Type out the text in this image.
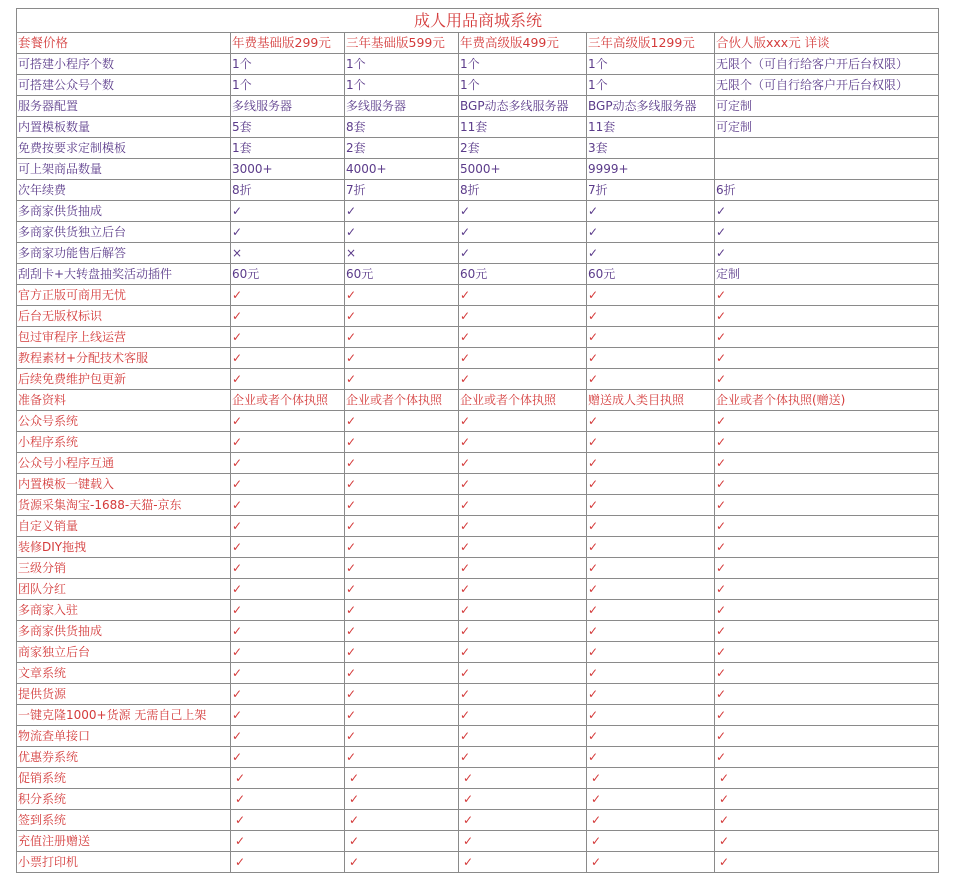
成人用品商城系统					
套餐价格	年费基础版299元	三年基础版599元	年费高级版499元	三年高级版1299元	合伙人版xxx元 详谈
可搭建小程序个数	1个	1个	1个	1个	无限个（可自行给客户开后台权限）
可搭建公众号个数	1个	1个	1个	1个	无限个（可自行给客户开后台权限）
服务器配置	多线服务器	多线服务器	BGP动态多线服务器	BGP动态多线服务器	可定制
内置模板数量	5套	8套	11套	11套	可定制
免费按要求定制模板	1套	2套	2套	3套	
可上架商品数量	3000+	4000+	5000+	9999+	
次年续费	8折	7折	8折	7折	6折
多商家供货抽成	✓	✓	✓	✓	✓
多商家供货独立后台	✓	✓	✓	✓	✓
多商家功能售后解答	×	×	✓	✓	✓
刮刮卡+大转盘抽奖活动插件	60元	60元	60元	60元	定制
官方正版可商用无忧	✓	✓	✓	✓	✓
后台无版权标识	✓	✓	✓	✓	✓
包过审程序上线运营	✓	✓	✓	✓	✓
教程素材+分配技术客服	✓	✓	✓	✓	✓
后续免费维护包更新	✓	✓	✓	✓	✓
准备资料	企业或者个体执照	企业或者个体执照	企业或者个体执照	赠送成人类目执照	企业或者个体执照(赠送)
公众号系统	✓	✓	✓	✓	✓
小程序系统	✓	✓	✓	✓	✓
公众号小程序互通	✓	✓	✓	✓	✓
内置模板一键载入	✓	✓	✓	✓	✓
货源采集淘宝-1688-天猫-京东	✓	✓	✓	✓	✓
自定义销量	✓	✓	✓	✓	✓
装修DIY拖拽	✓	✓	✓	✓	✓
三级分销	✓	✓	✓	✓	✓
团队分红	✓	✓	✓	✓	✓
多商家入驻	✓	✓	✓	✓	✓
多商家供货抽成	✓	✓	✓	✓	✓
商家独立后台	✓	✓	✓	✓	✓
文章系统	✓	✓	✓	✓	✓
提供货源	✓	✓	✓	✓	✓
一键克隆1000+货源 无需自己上架	✓	✓	✓	✓	✓
物流查单接口	✓	✓	✓	✓	✓
优惠券系统	✓	✓	✓	✓	✓
促销系统	✓	✓	✓	✓	✓
积分系统	✓	✓	✓	✓	✓
签到系统	✓	✓	✓	✓	✓
充值注册赠送	✓	✓	✓	✓	✓
小票打印机	✓	✓	✓	✓	✓
